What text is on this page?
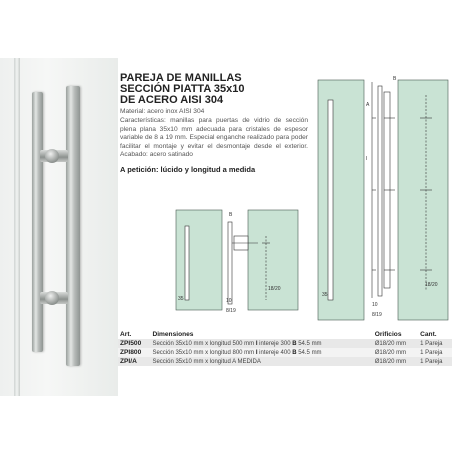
PAREJA DE MANILLAS
SECCIÓN PIATTA 35x10
DE ACERO AISI 304
Material: acero inox AISI 304
Características: manillas para puertas de vidrio de sección plena plana 35x10 mm adecuada para cristales de espesor variable de 8 a 19 mm. Especial enganche realizado para poder facilitar el montaje y evitar el desmontaje desde el exterior. Acabado: acero satinado
A petición: lúcido y longitud a medida
A
I
B
35
10
8/19
18/20
B
35	10
8/19
18/20
Art.	Dimensiones	Orificios	Cant.
ZPI500	Sección 35x10 mm x longitud 500 mm I intereje 300 B 54.5 mm	Ø18/20 mm	1 Pareja
ZPI800	Sección 35x10 mm x longitud 800 mm I intereje 400 B 54.5 mm	Ø18/20 mm	1 Pareja
ZPI/A	Sección 35x10 mm x longitud A MEDIDA	Ø18/20 mm	1 Pareja
